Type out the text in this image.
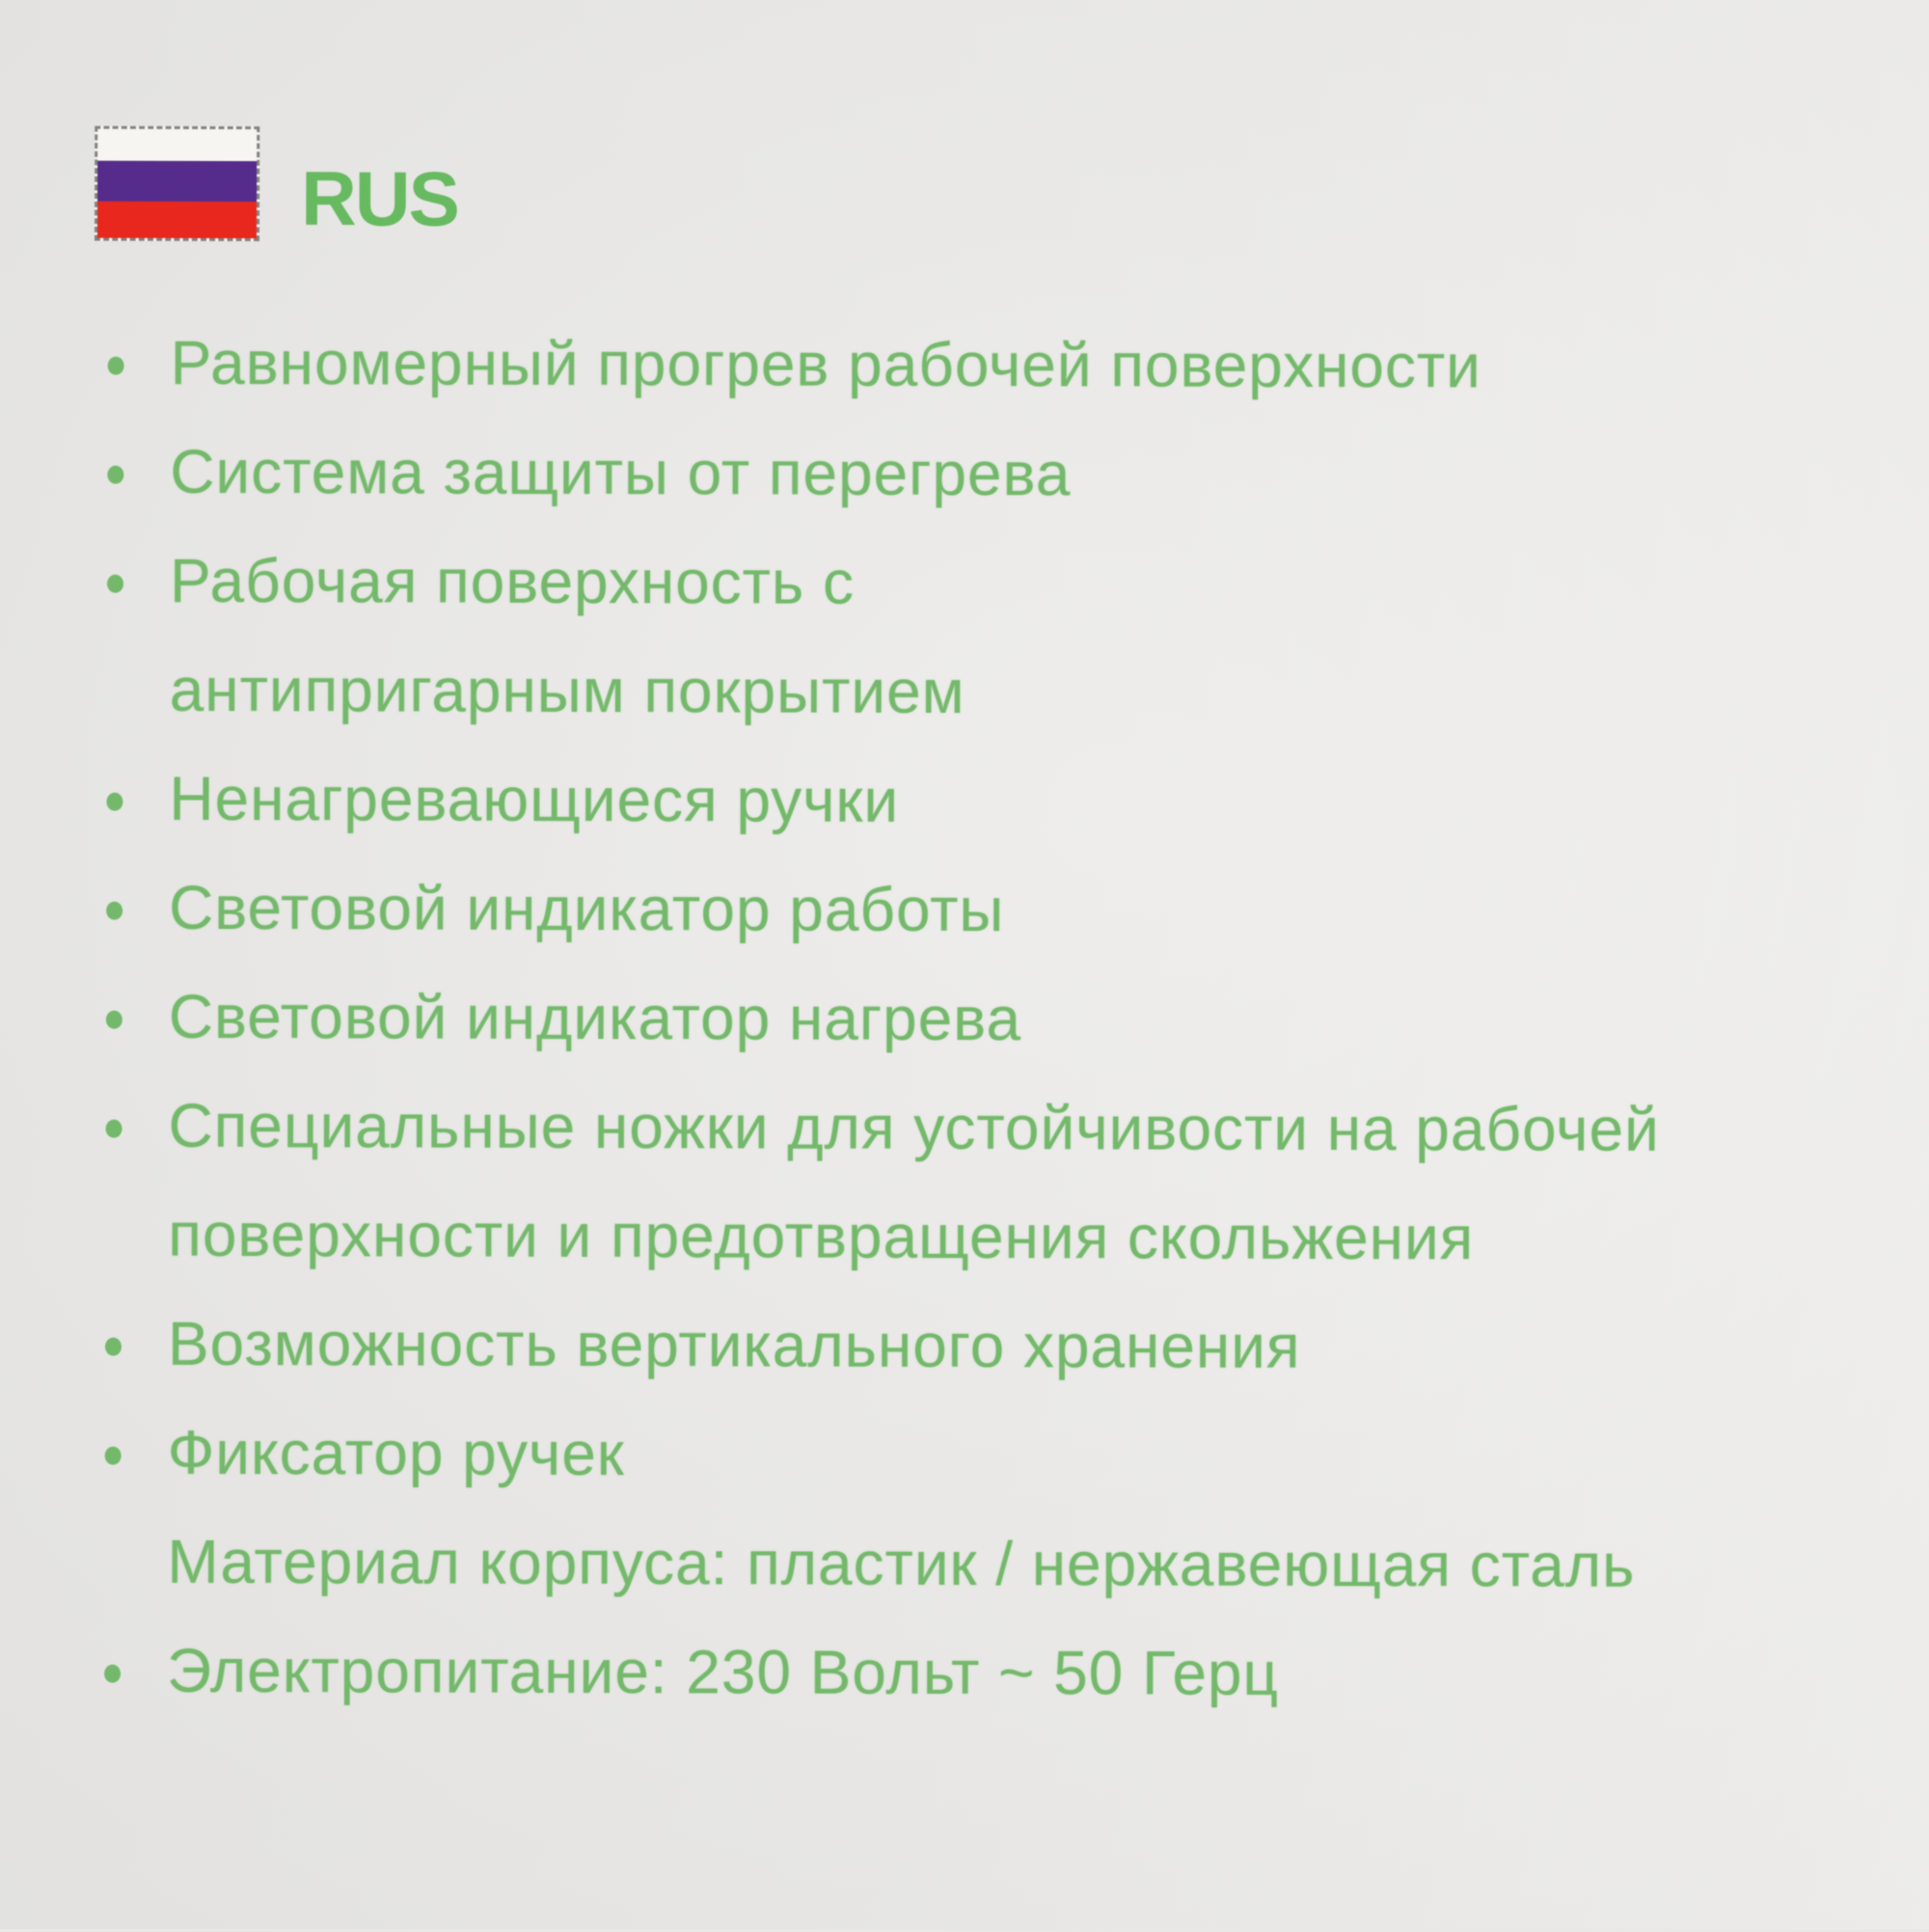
RUS
Равномерный прогрев рабочей поверхности
Система защиты от перегрева
Рабочая поверхность с
антипригарным покрытием
Ненагревающиеся ручки
Световой индикатор работы
Световой индикатор нагрева
Специальные ножки для устойчивости на рабочей
поверхности и предотвращения скольжения
Возможность вертикального хранения
Фиксатор ручек
Материал корпуса: пластик / нержавеющая сталь
Электропитание: 230 Вольт ~ 50 Герц
